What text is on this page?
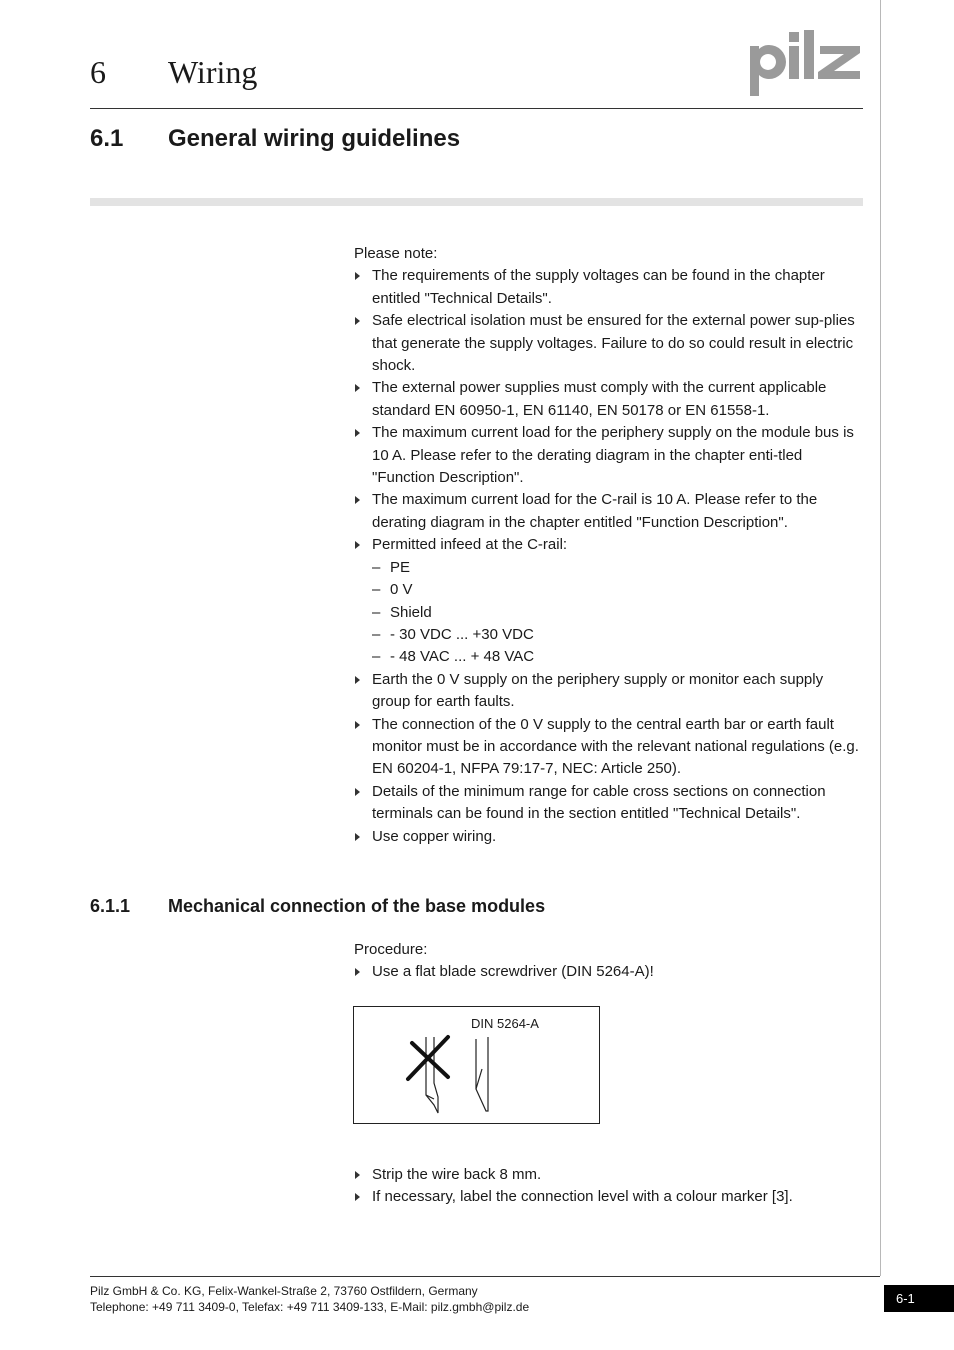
6 Wiring
6.1 General wiring guidelines

Please note:

The requirements of the supply voltages can be found in the chapter entitled "Technical Details".
Safe electrical isolation must be ensured for the external power sup-plies that generate the supply voltages. Failure to do so could result in electric shock.
The external power supplies must comply with the current applicable standard EN 60950-1, EN 61140, EN 50178 or EN 61558-1.
The maximum current load for the periphery supply on the module bus is 10 A. Please refer to the derating diagram in the chapter enti-tled "Function Description".
The maximum current load for the C-rail is 10 A. Please refer to the derating diagram in the chapter entitled "Function Description".
Permitted infeed at the C-rail:
– PE
– 0 V
– Shield
– - 30 VDC ... +30 VDC
– - 48 VAC ... + 48 VAC
Earth the 0 V supply on the periphery supply or monitor each supply group for earth faults.
The connection of the 0 V supply to the central earth bar or earth fault monitor must be in accordance with the relevant national regulations (e.g. EN 60204-1, NFPA 79:17-7, NEC: Article 250).
Details of the minimum range for cable cross sections on connection terminals can be found in the section entitled "Technical Details".
Use copper wiring.
6.1.1 Mechanical connection of the base modules

Procedure:

Use a flat blade screwdriver (DIN 5264-A)!
DIN 5264-A
Strip the wire back 8 mm.
If necessary, label the connection level with a colour marker [3].
Pilz GmbH & Co. KG, Felix-Wankel-Straße 2, 73760 Ostfildern, Germany
Telephone: +49 711 3409-0, Telefax: +49 711 3409-133, E-Mail: pilz.gmbh@pilz.de
6-1
